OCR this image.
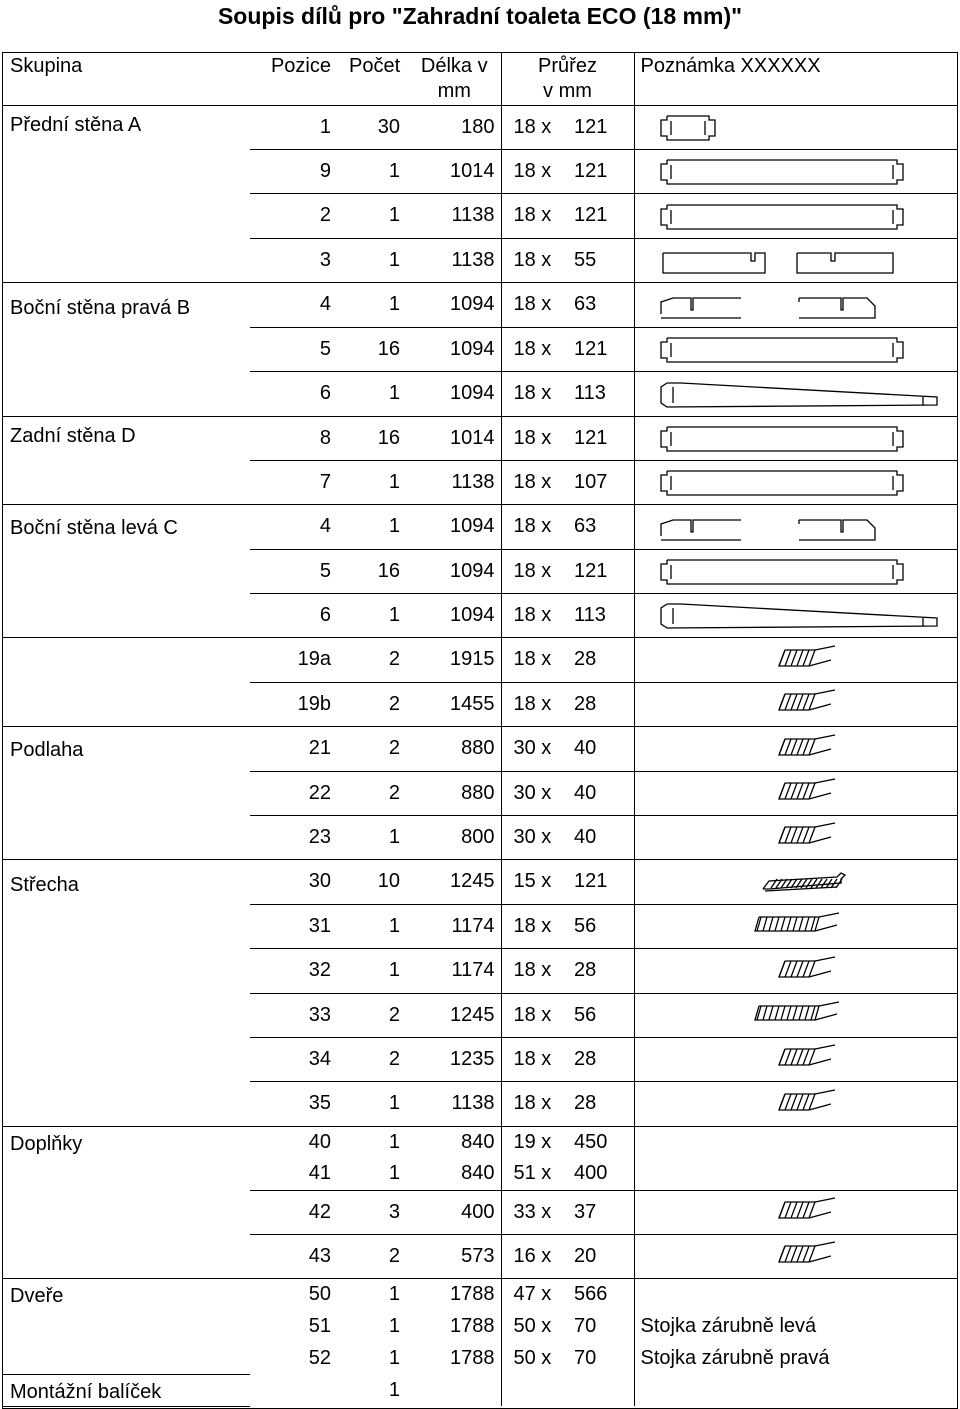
Soupis dílů pro "Zahradní toaleta ECO (18 mm)"
Skupina	Pozice	Počet	Délka v mm	Průřez v mm		Poznámka XXXXXX
Přední stěna A	1	30	180	18 x	121	

	9	1	1014	18 x	121	

	2	1	1138	18 x	121	

	3	1	1138	18 x	55	

Boční stěna pravá B	4	1	1094	18 x	63	

	5	16	1094	18 x	121	

	6	1	1094	18 x	113	

Zadní stěna D	8	16	1014	18 x	121	

	7	1	1138	18 x	107	

Boční stěna levá C	4	1	1094	18 x	63	

	5	16	1094	18 x	121	

	6	1	1094	18 x	113	

	19a	2	1915	18 x	28	

	19b	2	1455	18 x	28	

Podlaha	21	2	880	30 x	40	

	22	2	880	30 x	40	

	23	1	800	30 x	40	

Střecha	30	10	1245	15 x	121	

	31	1	1174	18 x	56	

	32	1	1174	18 x	28	

	33	2	1245	18 x	56	

	34	2	1235	18 x	28	

	35	1	1138	18 x	28	

Doplňky	40	1	840	19 x	450	
	41	1	840	51 x	400	
	42	3	400	33 x	37	

	43	2	573	16 x	20	

Dveře	50	1	1788	47 x	566	
	51	1	1788	50 x	70	Stojka zárubně levá
	52	1	1788	50 x	70	Stojka zárubně pravá
Montážní balíček		1				
